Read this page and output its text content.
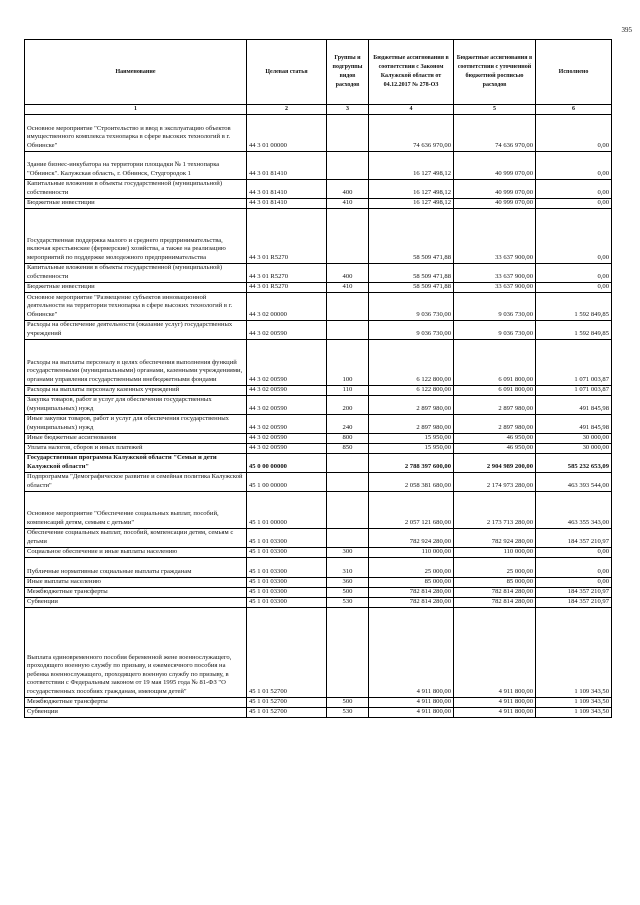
395
Наименование	Целевая статья	Группы и подгруппы видов расходов	Бюджетные ассигнования в соответствии с Законом Калужской области от 04.12.2017 № 278-ОЗ	Бюджетные ассигнования в соответствии с уточненной бюджетной росписью расходов	Исполнено
1	2	3	4	5	6
Основное мероприятие "Строительство и ввод в эксплуатацию объектов имущественного комплекса технопарка в сфере высоких технологий в г. Обнинске"	44 3 01 00000		74 636 970,00	74 636 970,00	0,00
Здание бизнес-инкубатора на территории площадки № 1 технопарка "Обнинск". Калужская область, г. Обнинск, Студгородок 1	44 3 01 81410		16 127 498,12	40 999 070,00	0,00
Капитальные вложения в объекты государственной (муниципальной) собственности	44 3 01 81410	400	16 127 498,12	40 999 070,00	0,00
Бюджетные инвестиции	44 3 01 81410	410	16 127 498,12	40 999 070,00	0,00
Государственная поддержка малого и среднего предпринимательства, включая крестьянские (фермерские) хозяйства, а также на реализацию мероприятий по поддержке молодежного предпринимательства	44 3 01 R5270		58 509 471,88	33 637 900,00	0,00
Капитальные вложения в объекты государственной (муниципальной) собственности	44 3 01 R5270	400	58 509 471,88	33 637 900,00	0,00
Бюджетные инвестиции	44 3 01 R5270	410	58 509 471,88	33 637 900,00	0,00
Основное мероприятие "Размещение субъектов инновационной деятельности на территории технопарка в сфере высоких технологий в г. Обнинске"	44 3 02 00000		9 036 730,00	9 036 730,00	1 592 849,85
Расходы на обеспечение деятельности (оказание услуг) государственных учреждений	44 3 02 00590		9 036 730,00	9 036 730,00	1 592 849,85
Расходы на выплаты персоналу в целях обеспечения выполнения функций государственными (муниципальными) органами, казенными учреждениями, органами управления государственными внебюджетными фондами	44 3 02 00590	100	6 122 800,00	6 091 800,00	1 071 003,87
Расходы на выплаты персоналу казенных учреждений	44 3 02 00590	110	6 122 800,00	6 091 800,00	1 071 003,87
Закупка товаров, работ и услуг для обеспечения государственных (муниципальных) нужд	44 3 02 00590	200	2 897 980,00	2 897 980,00	491 845,98
Иные закупки товаров, работ и услуг для обеспечения государственных (муниципальных) нужд	44 3 02 00590	240	2 897 980,00	2 897 980,00	491 845,98
Иные бюджетные ассигнования	44 3 02 00590	800	15 950,00	46 950,00	30 000,00
Уплата налогов, сборов и иных платежей	44 3 02 00590	850	15 950,00	46 950,00	30 000,00
Государственная программа Калужской области "Семья и дети Калужской области"	45 0 00 00000		2 788 397 600,00	2 904 989 200,00	585 232 653,09
Подпрограмма "Демографическое развитие и семейная политика Калужской области"	45 1 00 00000		2 058 381 680,00	2 174 973 280,00	463 393 544,00
Основное мероприятие "Обеспечение социальных выплат, пособий, компенсаций детям, семьям с детьми"	45 1 01 00000		2 057 121 680,00	2 173 713 280,00	463 355 343,00
Обеспечение социальных выплат, пособий, компенсации детям, семьям с детьми	45 1 01 03300		782 924 280,00	782 924 280,00	184 357 210,97
Социальное обеспечение и иные выплаты населению	45 1 01 03300	300	110 000,00	110 000,00	0,00
Публичные нормативные социальные выплаты гражданам	45 1 01 03300	310	25 000,00	25 000,00	0,00
Иные выплаты населению	45 1 01 03300	360	85 000,00	85 000,00	0,00
Межбюджетные трансферты	45 1 01 03300	500	782 814 280,00	782 814 280,00	184 357 210,97
Субвенции	45 1 01 03300	530	782 814 280,00	782 814 280,00	184 357 210,97
Выплата единовременного пособия беременной жене военнослужащего, проходящего военную службу по призыву, и ежемесячного пособия на ребенка военнослужащего, проходящего военную службу по призыву, в соответствии с Федеральным законом от 19 мая 1995 года № 81-ФЗ "О государственных пособиях гражданам, имеющим детей"	45 1 01 52700		4 911 800,00	4 911 800,00	1 109 343,50
Межбюджетные трансферты	45 1 01 52700	500	4 911 800,00	4 911 800,00	1 109 343,50
Субвенции	45 1 01 52700	530	4 911 800,00	4 911 800,00	1 109 343,50
